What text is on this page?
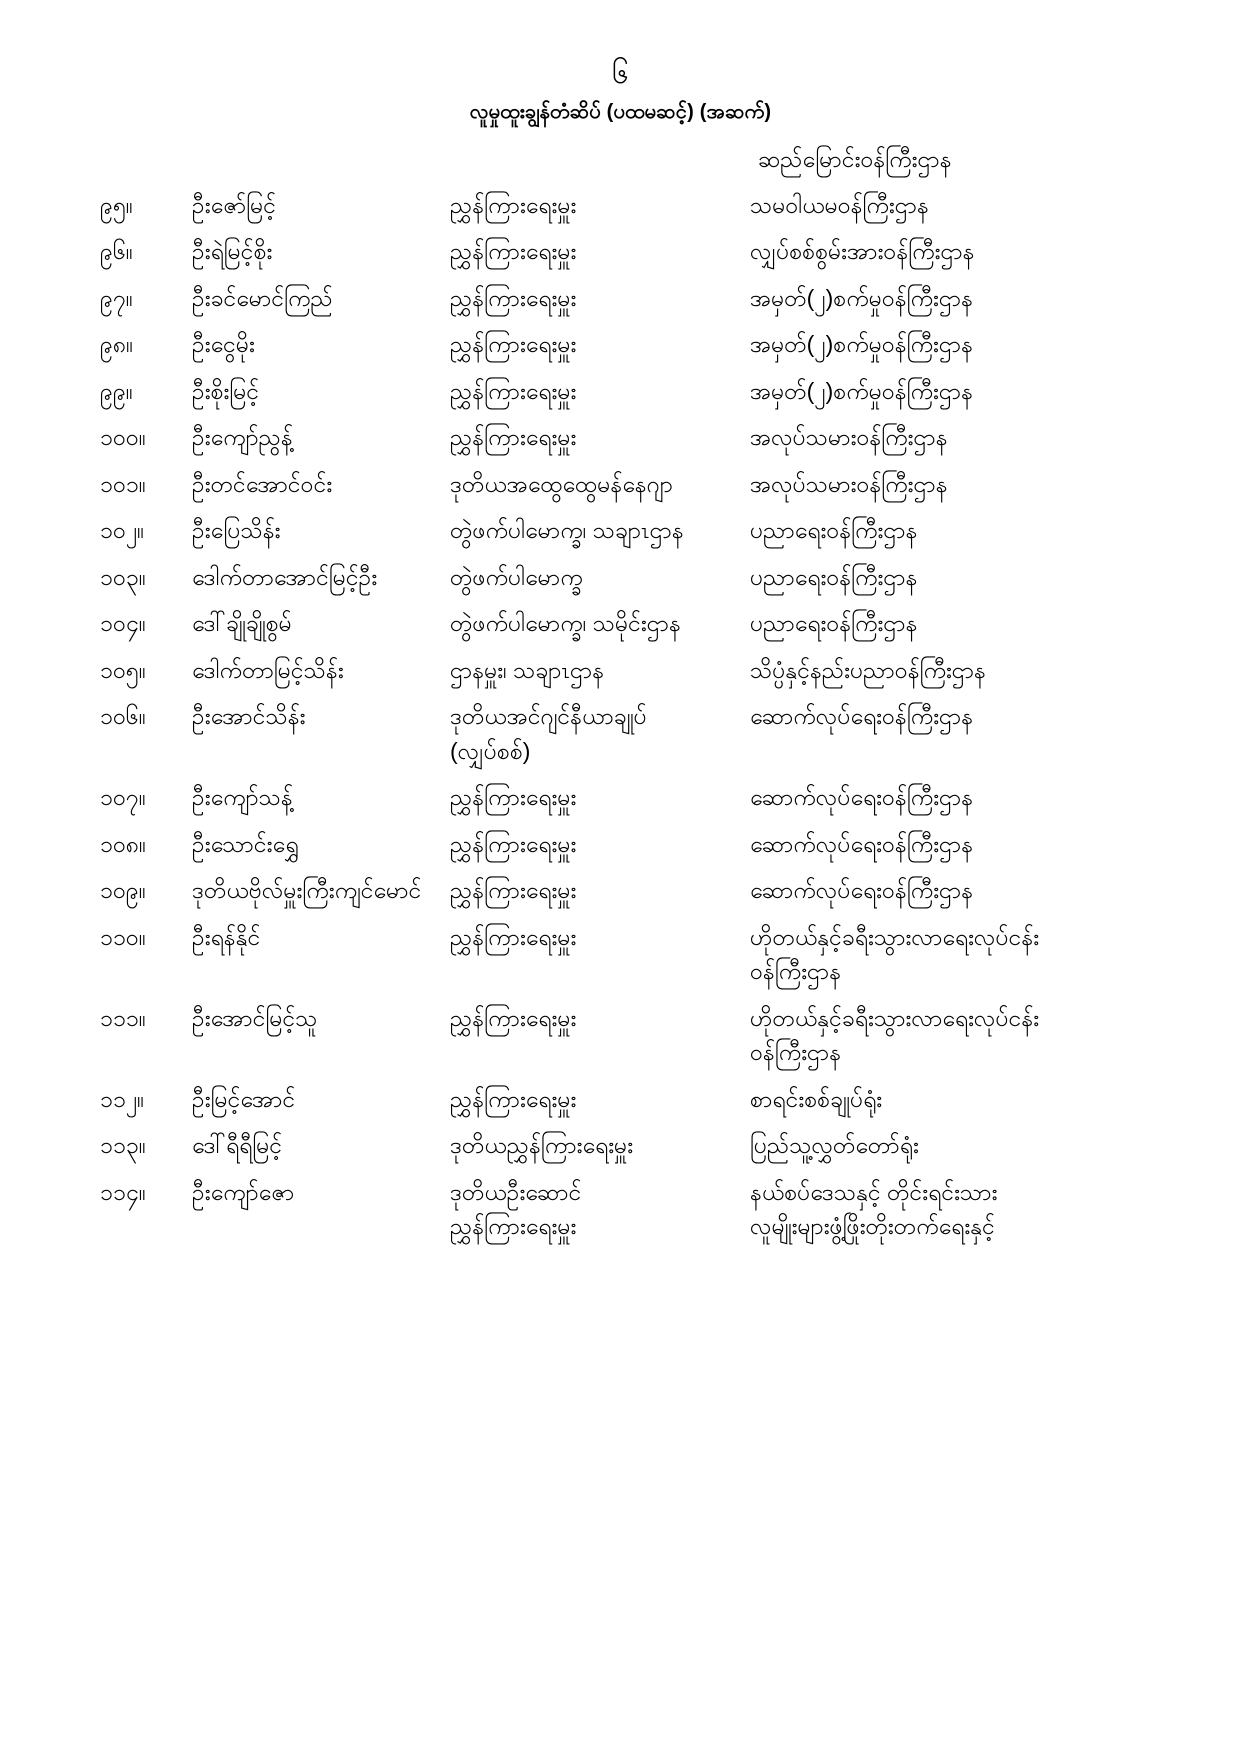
၆
လူမှုထူးချွန်တံဆိပ် (ပထမဆင့်) (အဆက်)
ဆည်မြောင်းဝန်ကြီးဌာန
၉၅။	ဦးဇော်မြင့်	ညွှန်ကြားရေးမှူး	သမဝါယမဝန်ကြီးဌာန

၉၆။	ဦးရဲမြင့်စိုး	ညွှန်ကြားရေးမှူး	လျှပ်စစ်စွမ်းအားဝန်ကြီးဌာန

၉၇။	ဦးခင်မောင်ကြည်	ညွှန်ကြားရေးမှူး	အမှတ်(၂)စက်မှုဝန်ကြီးဌာန

၉၈။	ဦးငွေမိုး	ညွှန်ကြားရေးမှူး	အမှတ်(၂)စက်မှုဝန်ကြီးဌာန

၉၉။	ဦးစိုးမြင့်	ညွှန်ကြားရေးမှူး	အမှတ်(၂)စက်မှုဝန်ကြီးဌာန

၁၀၀။	ဦးကျော်ညွန့်	ညွှန်ကြားရေးမှူး	အလုပ်သမားဝန်ကြီးဌာန

၁၀၁။	ဦးတင်အောင်ဝင်း	ဒုတိယအထွေထွေမန်နေဂျာ	အလုပ်သမားဝန်ကြီးဌာန

၁၀၂။	ဦးပြေသိန်း	တွဲဖက်ပါမောက္ခ၊ သချာၤဌာန	ပညာရေးဝန်ကြီးဌာန

၁၀၃။	ဒေါက်တာအောင်မြင့်ဦး	တွဲဖက်ပါမောက္ခ	ပညာရေးဝန်ကြီးဌာန

၁၀၄။	ဒေါ်ချိုချိုစွမ်	တွဲဖက်ပါမောက္ခ၊ သမိုင်းဌာန	ပညာရေးဝန်ကြီးဌာန

၁၀၅။	ဒေါက်တာမြင့်သိန်း	ဌာနမှူး၊ သချာၤဌာန	သိပ္ပံနှင့်နည်းပညာဝန်ကြီးဌာန

၁၀၆။	ဦးအောင်သိန်း	ဒုတိယအင်ဂျင်နီယာချုပ်
(လျှပ်စစ်)	ဆောက်လုပ်ရေးဝန်ကြီးဌာန

၁၀၇။	ဦးကျော်သန့်	ညွှန်ကြားရေးမှူး	ဆောက်လုပ်ရေးဝန်ကြီးဌာန

၁၀၈။	ဦးသောင်းရွှေ	ညွှန်ကြားရေးမှူး	ဆောက်လုပ်ရေးဝန်ကြီးဌာန

၁၀၉။	ဒုတိယဗိုလ်မှူးကြီးကျင်မောင်	ညွှန်ကြားရေးမှူး	ဆောက်လုပ်ရေးဝန်ကြီးဌာန

၁၁၀။	ဦးရန်နိုင်	ညွှန်ကြားရေးမှူး	ဟိုတယ်နှင့်ခရီးသွားလာရေးလုပ်ငန်း
ဝန်ကြီးဌာန

၁၁၁။	ဦးအောင်မြင့်သူ	ညွှန်ကြားရေးမှူး	ဟိုတယ်နှင့်ခရီးသွားလာရေးလုပ်ငန်း
ဝန်ကြီးဌာန

၁၁၂။	ဦးမြင့်အောင်	ညွှန်ကြားရေးမှူး	စာရင်းစစ်ချုပ်ရုံး

၁၁၃။	ဒေါ်ရီရီမြင့်	ဒုတိယညွှန်ကြားရေးမှူး	ပြည်သူ့လွှတ်တော်ရုံး

၁၁၄။	ဦးကျော်ဇော	ဒုတိယဦးဆောင်
ညွှန်ကြားရေးမှူး	နယ်စပ်ဒေသနှင့် တိုင်းရင်းသား
လူမျိုးများဖွံ့ဖြိုးတိုးတက်ရေးနှင့်
